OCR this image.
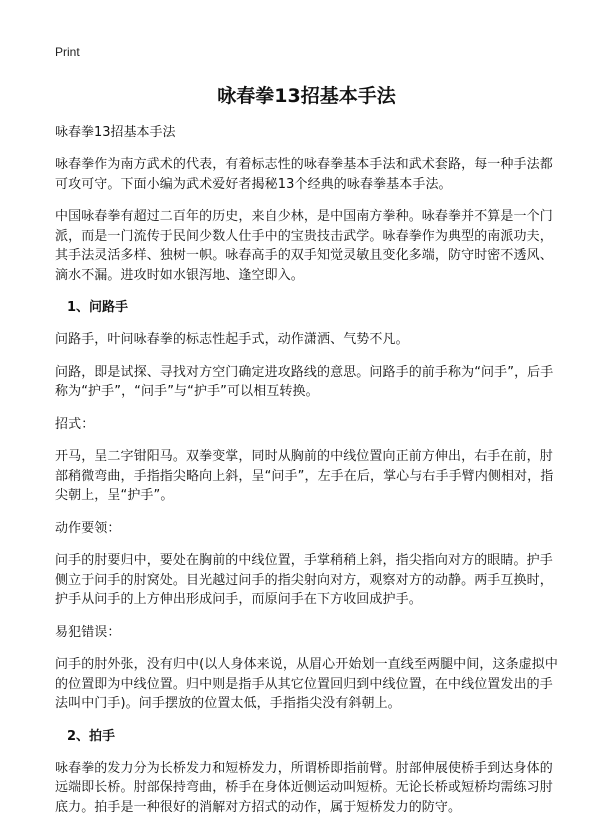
Print
咏春拳13招基本手法
咏春拳13招基本手法

咏春拳作为南方武术的代表，有着标志性的咏春拳基本手法和武术套路，每一种手法都可攻可守。下面小编为武术爱好者揭秘13个经典的咏春拳基本手法。

中国咏春拳有超过二百年的历史，来自少林，是中国南方拳种。咏春拳并不算是一个门派，而是一门流传于民间少数人仕手中的宝贵技击武学。咏春拳作为典型的南派功夫，其手法灵活多样、独树一帜。咏春高手的双手知觉灵敏且变化多端，防守时密不透风、滴水不漏。进攻时如水银泻地、逢空即入。

1、问路手

问路手，叶问咏春拳的标志性起手式，动作潇洒、气势不凡。

问路，即是试探、寻找对方空门确定进攻路线的意思。问路手的前手称为“问手”，后手称为“护手”，“问手”与“护手”可以相互转换。

招式：

开马，呈二字钳阳马。双拳变掌，同时从胸前的中线位置向正前方伸出，右手在前，肘部稍微弯曲，手指指尖略向上斜，呈“问手”，左手在后，掌心与右手手臂内侧相对，指尖朝上，呈“护手”。

动作要领：

问手的肘要归中，要处在胸前的中线位置，手掌稍稍上斜，指尖指向对方的眼睛。护手侧立于问手的肘窝处。目光越过问手的指尖射向对方，观察对方的动静。两手互换时，护手从问手的上方伸出形成问手，而原问手在下方收回成护手。

易犯错误：

问手的肘外张，没有归中(以人身体来说，从眉心开始划一直线至两腿中间，这条虚拟中的位置即为中线位置。归中则是指手从其它位置回归到中线位置，在中线位置发出的手法叫中门手)。问手摆放的位置太低，手指指尖没有斜朝上。

2、拍手

咏春拳的发力分为长桥发力和短桥发力，所谓桥即指前臂。肘部伸展使桥手到达身体的远端即长桥。肘部保持弯曲，桥手在身体近侧运动叫短桥。无论长桥或短桥均需练习肘底力。拍手是一种很好的消解对方招式的动作，属于短桥发力的防守。
